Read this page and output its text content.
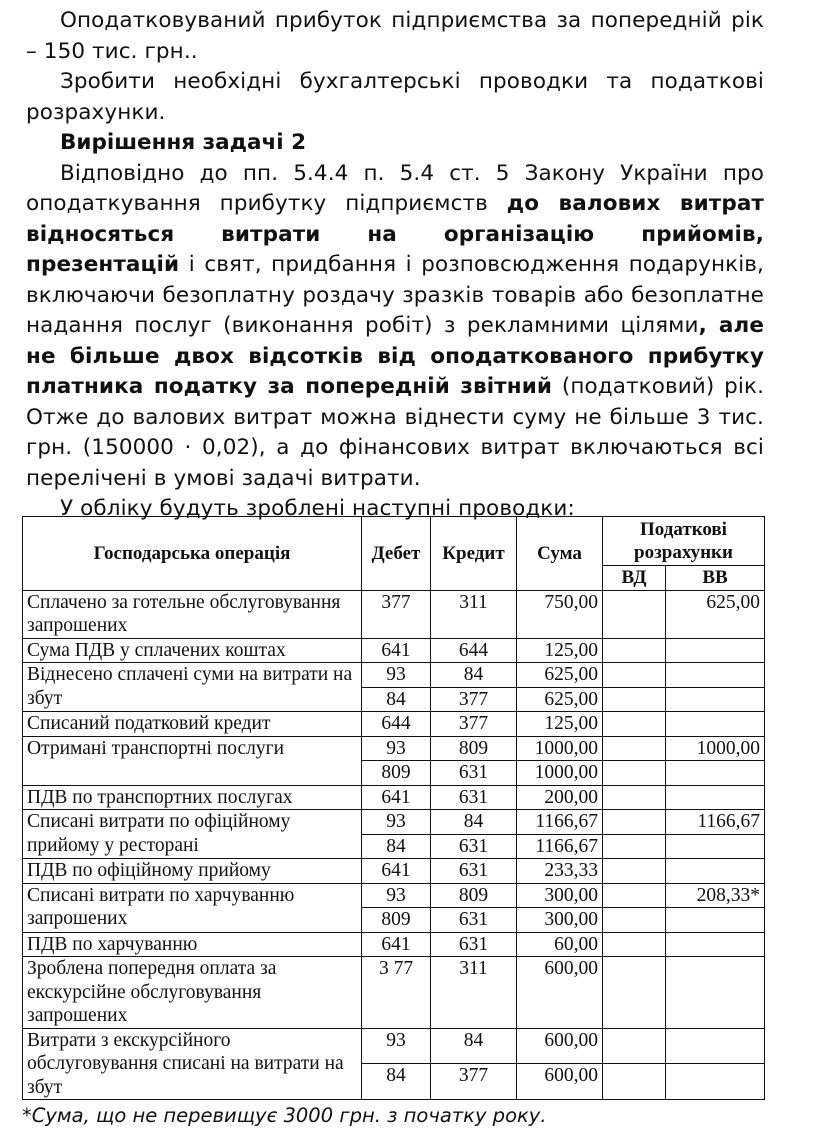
Оподатковуваний прибуток підприємства за попередній рік – 150 тис. грн..

Зробити необхідні бухгалтерські проводки та податкові розрахунки.

Вирішення задачі 2

Відповідно до пп. 5.4.4 п. 5.4 ст. 5 Закону України про оподаткування прибутку підприємств до валових витрат відносяться витрати на організацію прийомів, презентацій і свят, придбання і розповсюдження подарунків, включаючи безоплатну роздачу зразків товарів або безоплатне надання послуг (виконання робіт) з рекламними цілями, але не більше двох відсотків від оподаткованого прибутку платника податку за попередній звітний (податковий) рік. Отже до валових витрат можна віднести суму не більше 3 тис. грн. (150000 · 0,02), а до фінансових витрат включаються всі перелічені в умові задачі витрати.

У обліку будуть зроблені наступні проводки:

Господарська операція	Дебет	Кредит	Сума	Податкові розрахунки	
				ВД	ВВ
Сплачено за готельне обслуговування запрошених	377	311	750,00		625,00
Сума ПДВ у сплачених коштах	641	644	125,00		
Віднесено сплачені суми на витрати на збут	93	84	625,00		
	84	377	625,00		
Списаний податковий кредит	644	377	125,00		
Отримані транспортні послуги	93	809	1000,00		1000,00
	809	631	1000,00		
ПДВ по транспортних послугах	641	631	200,00		
Списані витрати по офіційному прийому у ресторані	93	84	1166,67		1166,67
	84	631	1166,67		
ПДВ по офіційному прийому	641	631	233,33		
Списані витрати по харчуванню запрошених	93	809	300,00		208,33*
	809	631	300,00		
ПДВ по харчуванню	641	631	60,00		
Зроблена попередня оплата за екскурсійне обслуговування запрошених	3 77	311	600,00		
Витрати з екскурсійного обслуговування списані на витрати на збут	93	84	600,00		
	84	377	600,00		
*Сума, що не перевищує 3000 грн. з початку року.
